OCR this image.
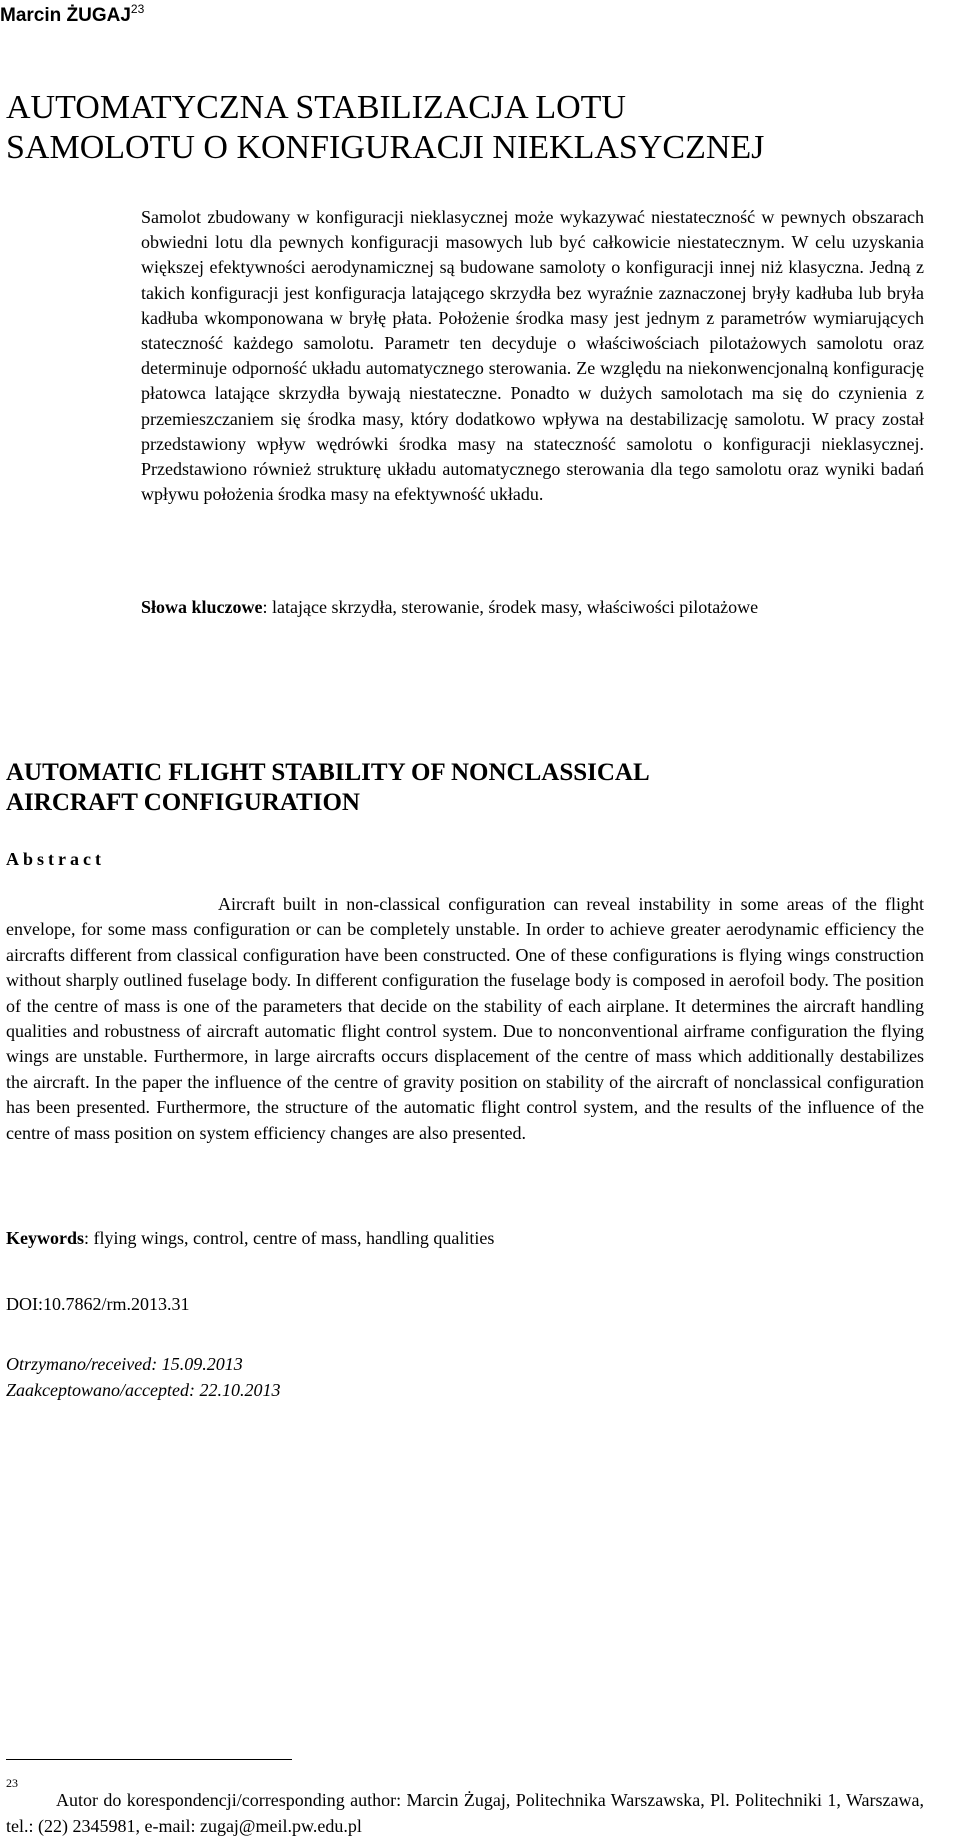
Marcin ŻUGAJ$^{23}$
AUTOMATYCZNA STABILIZACJA LOTU
SAMOLOTU O KONFIGURACJI NIEKLASYCZNEJ

Samolot zbudowany w konfiguracji nieklasycznej może wykazywać niestateczność w pewnych obszarach obwiedni lotu dla pewnych konfiguracji masowych lub być całkowicie niestatecznym. W celu uzyskania większej efektywności aerodynamicznej są budowane samoloty o konfiguracji innej niż klasyczna. Jedną z takich konfiguracji jest konfiguracja latającego skrzydła bez wyraźnie zaznaczonej bryły kadłuba lub bryła kadłuba wkomponowana w bryłę płata. Położenie środka masy jest jednym z parametrów wymiarujących stateczność każdego samolotu. Parametr ten decyduje o właściwościach pilotażowych samolotu oraz determinuje odporność układu automatycznego sterowania. Ze względu na niekonwencjonalną konfigurację płatowca latające skrzydła bywają niestateczne. Ponadto w dużych samolotach ma się do czynienia z przemieszczaniem się środka masy, który dodatkowo wpływa na destabilizację samolotu. W pracy został przedstawiony wpływ wędrówki środka masy na stateczność samolotu o konfiguracji nieklasycznej. Przedstawiono również strukturę układu automatycznego sterowania dla tego samolotu oraz wyniki badań wpływu położenia środka masy na efektywność układu.

Słowa kluczowe: latające skrzydła, sterowanie, środek masy, właściwości pilotażowe

AUTOMATIC FLIGHT STABILITY OF NONCLASSICAL
AIRCRAFT CONFIGURATION
Abstract

Aircraft built in non-classical configuration can reveal instability in some areas of the flight envelope, for some mass configuration or can be completely unstable. In order to achieve greater aerodynamic efficiency the aircrafts different from classical configuration have been constructed. One of these configurations is flying wings construction without sharply outlined fuselage body. In different configuration the fuselage body is composed in aerofoil body. The position of the centre of mass is one of the parameters that decide on the stability of each airplane. It determines the aircraft handling qualities and robustness of aircraft automatic flight control system. Due to nonconventional airframe configuration the flying wings are unstable. Furthermore, in large aircrafts occurs displacement of the centre of mass which additionally destabilizes the aircraft. In the paper the influence of the centre of gravity position on stability of the aircraft of nonclassical configuration has been presented. Furthermore, the structure of the automatic flight control system, and the results of the influence of the centre of mass position on system efficiency changes are also presented.

Keywords: flying wings, control, centre of mass, handling qualities

DOI:10.7862/rm.2013.31

Otrzymano/received: 15.09.2013
Zaakceptowano/accepted: 22.10.2013

23

Autor do korespondencji/corresponding author: Marcin Żugaj, Politechnika Warszawska, Pl. Politechniki 1, Warszawa, tel.: (22) 2345981, e-mail: zugaj@meil.pw.edu.pl
